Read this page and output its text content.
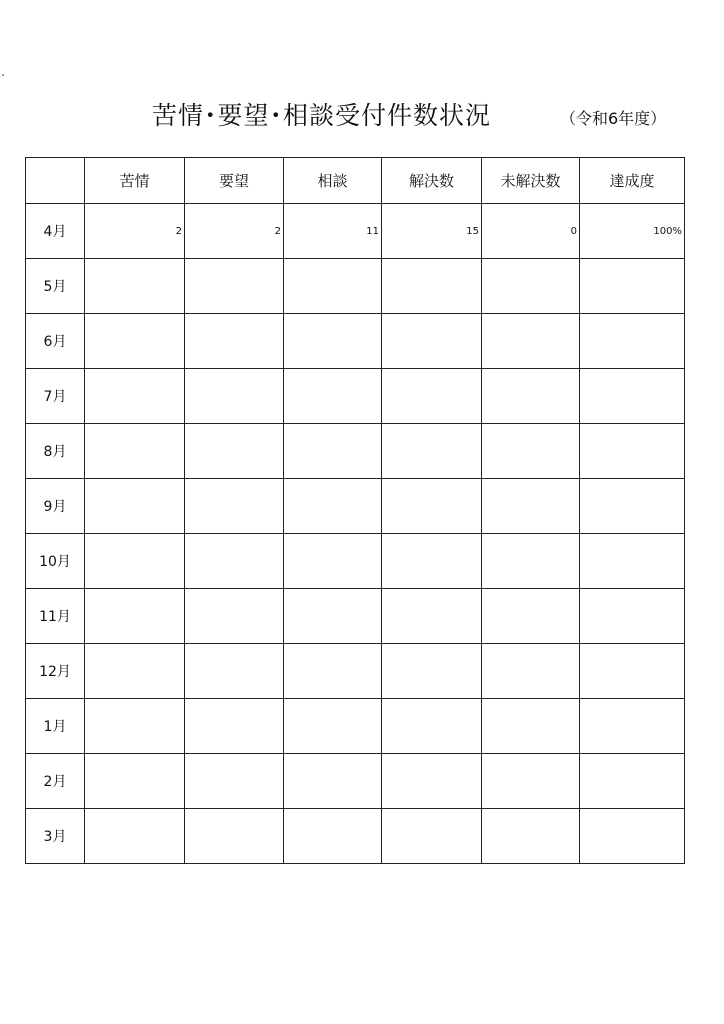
苦情･要望･相談受付件数状況	（令和6年度）
	苦情	要望	相談	解決数	未解決数	達成度
4月	2	2	11	15	0	100%
5月						
6月						
7月						
8月						
9月						
10月						
11月						
12月						
1月						
2月						
3月						
